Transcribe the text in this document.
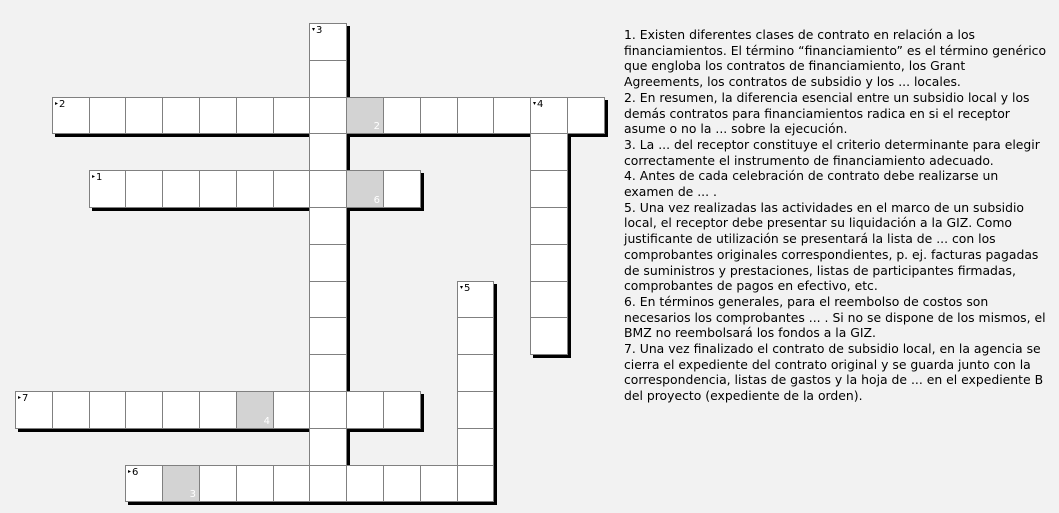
▾3
▸2
2
▾4
▸1
6
▾5
▸7
4
▸6
3
1. Existen diferentes clases de contrato en relación a los financiamientos. El término “financiamiento” es el término genérico que engloba los contratos de financiamiento, los Grant Agreements, los contratos de subsidio y los ... locales.
2. En resumen, la diferencia esencial entre un subsidio local y los demás contratos para financiamientos radica en si el receptor asume o no la ... sobre la ejecución.
3. La ... del receptor constituye el criterio determinante para elegir correctamente el instrumento de financiamiento adecuado.
4. Antes de cada celebración de contrato debe realizarse un examen de ... .
5. Una vez realizadas las actividades en el marco de un subsidio local, el receptor debe presentar su liquidación a la GIZ. Como justificante de utilización se presentará la lista de ... con los comprobantes originales correspondientes, p. ej. facturas pagadas de suministros y prestaciones, listas de participantes firmadas, comprobantes de pagos en efectivo, etc.
6. En términos generales, para el reembolso de costos son necesarios los comprobantes ... . Si no se dispone de los mismos, el BMZ no reembolsará los fondos a la GIZ.
7. Una vez finalizado el contrato de subsidio local, en la agencia se cierra el expediente del contrato original y se guarda junto con la correspondencia, listas de gastos y la hoja de ... en el expediente B del proyecto (expediente de la orden).
